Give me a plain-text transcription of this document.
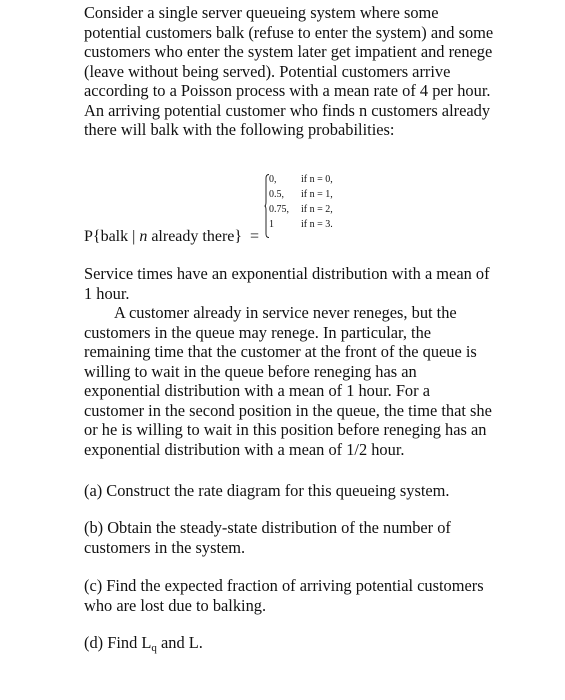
Consider a single server queueing system where some potential customers balk (refuse to enter the system) and some customers who enter the system later get impatient and renege (leave without being served). Potential customers arrive according to a Poisson process with a mean rate of 4 per hour. An arriving potential customer who finds n customers already there will balk with the following probabilities:

P{balk | n already there} =
0,	if n = 0,
0.5,	if n = 1,
0.75,	if n = 2,
1	if n = 3.

Service times have an exponential distribution with a mean of 1 hour.

A customer already in service never reneges, but the customers in the queue may renege. In particular, the remaining time that the customer at the front of the queue is willing to wait in the queue before reneging has an exponential distribution with a mean of 1 hour. For a customer in the second position in the queue, the time that she or he is willing to wait in this position before reneging has an exponential distribution with a mean of 1/2 hour.

(a) Construct the rate diagram for this queueing system.

(b) Obtain the steady-state distribution of the number of customers in the system.

(c) Find the expected fraction of arriving potential customers who are lost due to balking.

(d) Find $L_q$ and L.
